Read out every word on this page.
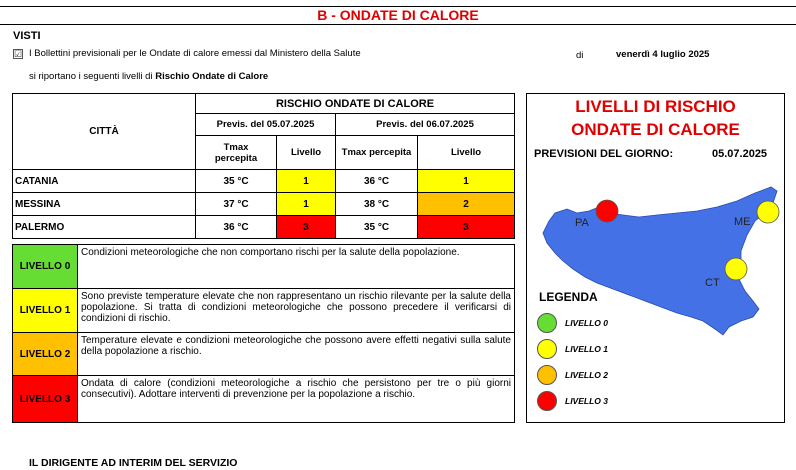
B - ONDATE DI CALORE
VISTI
☑ I Bollettini previsionali per le Ondate di calore emessi dal Ministero della Salute	di	venerdì 4 luglio 2025
si riportano i seguenti livelli di Rischio Ondate di Calore
CITTÀ	RISCHIO ONDATE DI CALORE			
	Previs. del 05.07.2025		Previs. del 06.07.2025	
	Tmax percepita	Livello	Tmax percepita	Livello
CATANIA	35 °C	1	36 °C	1
MESSINA	37 °C	1	38 °C	2
PALERMO	36 °C	3	35 °C	3
LIVELLO 0	Condizioni meteorologiche che non comportano rischi per la salute della popolazione.
LIVELLO 1	Sono previste temperature elevate che non rappresentano un rischio rilevante per la salute della popolazione. Si tratta di condizioni meteorologiche che possono precedere il verificarsi di condizioni di rischio.
LIVELLO 2	Temperature elevate e condizioni meteorologiche che possono avere effetti negativi sulla salute della popolazione a rischio.
LIVELLO 3	Ondata di calore (condizioni meteorologiche a rischio che persistono per tre o più giorni consecutivi). Adottare interventi di prevenzione per la popolazione a rischio.
LIVELLI DI RISCHIO
ONDATE DI CALORE
PREVISIONI DEL GIORNO:	05.07.2025
PA	ME
CT
LEGENDA
LIVELLO 0
LIVELLO 1
LIVELLO 2
LIVELLO 3
IL DIRIGENTE AD INTERIM DEL SERVIZIO
